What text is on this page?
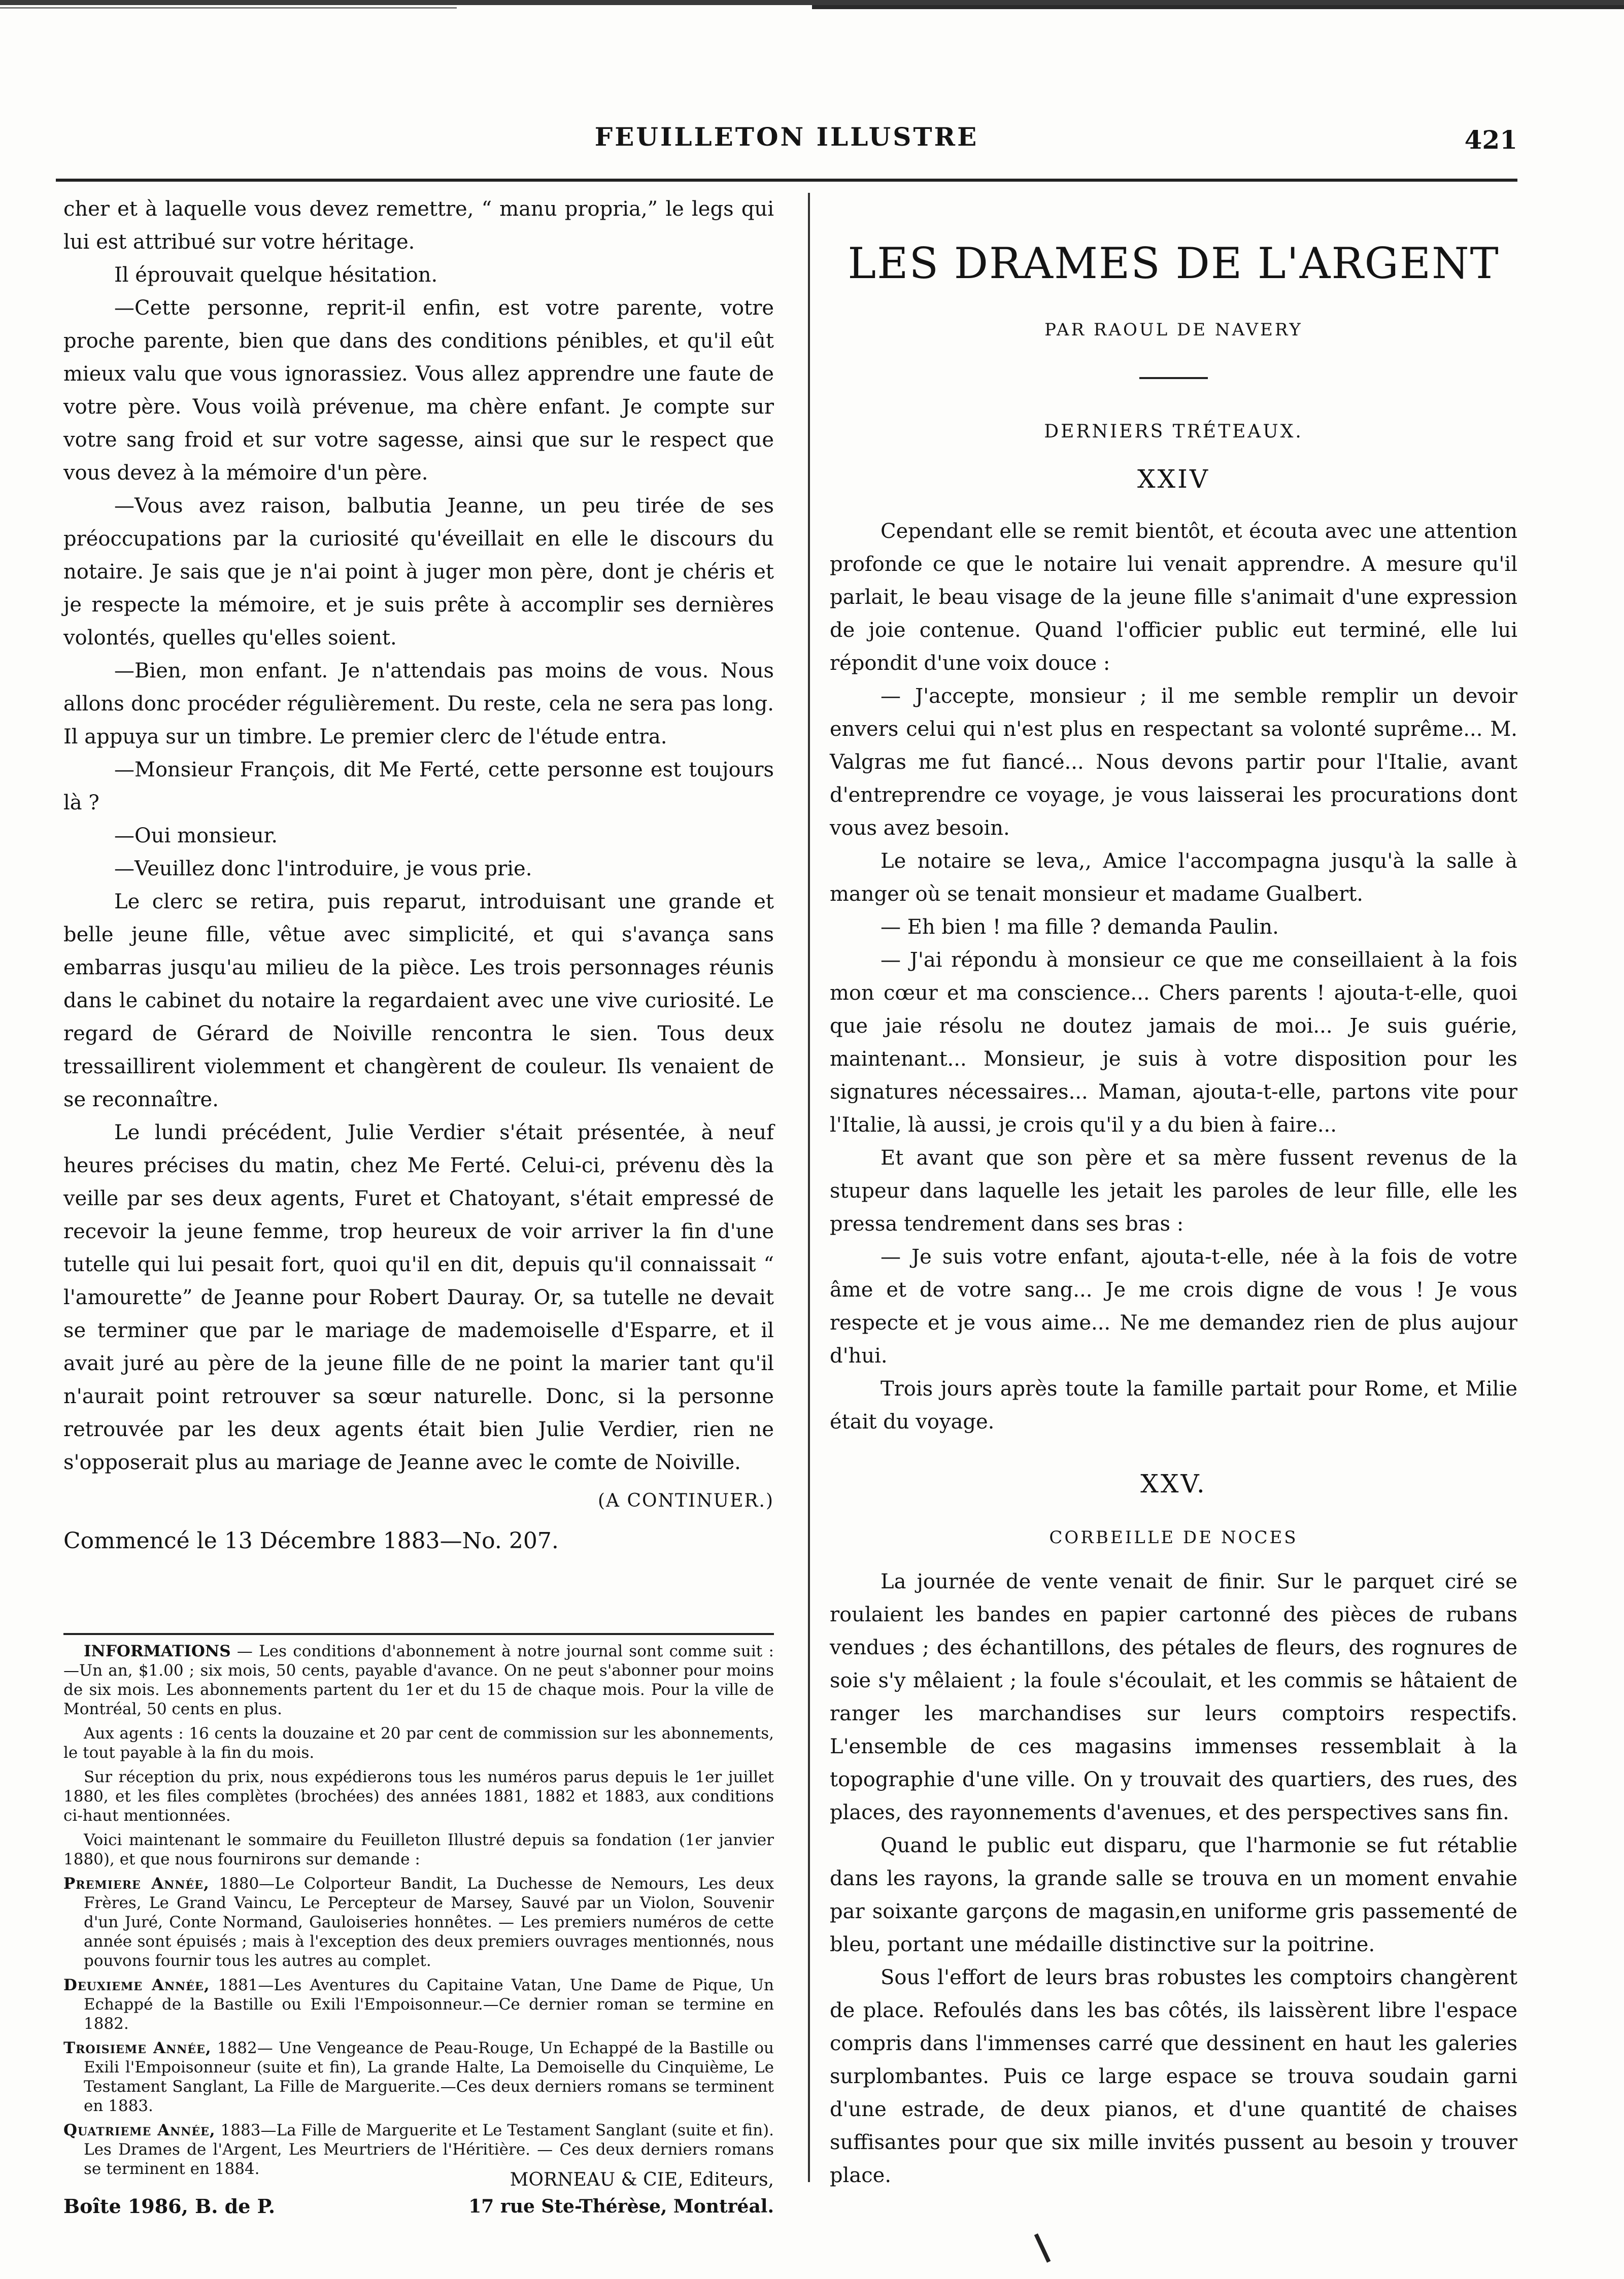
FEUILLETON ILLUSTRE	421

cher et à laquelle vous devez remettre, “ manu propria,” le legs qui lui est attribué sur votre héritage.

Il éprouvait quelque hésitation.

—Cette personne, reprit-il enfin, est votre parente, votre proche parente, bien que dans des conditions pénibles, et qu'il eût mieux valu que vous ignorassiez. Vous allez apprendre une faute de votre père. Vous voilà prévenue, ma chère enfant. Je compte sur votre sang froid et sur votre sagesse, ainsi que sur le respect que vous devez à la mémoire d'un père.

—Vous avez raison, balbutia Jeanne, un peu tirée de ses préoccupations par la curiosité qu'éveillait en elle le discours du notaire. Je sais que je n'ai point à juger mon père, dont je chéris et je respecte la mémoire, et je suis prête à accomplir ses dernières volontés, quelles qu'elles soient.

—Bien, mon enfant. Je n'attendais pas moins de vous. Nous allons donc procéder régulièrement. Du reste, cela ne sera pas long. Il appuya sur un timbre. Le premier clerc de l'étude entra.

—Monsieur François, dit Me Ferté, cette personne est toujours là ?

—Oui monsieur.

—Veuillez donc l'introduire, je vous prie.

Le clerc se retira, puis reparut, introduisant une grande et belle jeune fille, vêtue avec simplicité, et qui s'avança sans embarras jusqu'au milieu de la pièce. Les trois personnages réunis dans le cabinet du notaire la regardaient avec une vive curiosité. Le regard de Gérard de Noiville rencontra le sien. Tous deux tressaillirent violemment et changèrent de couleur. Ils venaient de se reconnaître.

Le lundi précédent, Julie Verdier s'était présentée, à neuf heures précises du matin, chez Me Ferté. Celui-ci, prévenu dès la veille par ses deux agents, Furet et Chatoyant, s'était empressé de recevoir la jeune femme, trop heureux de voir arriver la fin d'une tutelle qui lui pesait fort, quoi qu'il en dit, depuis qu'il connaissait “ l'amourette” de Jeanne pour Robert Dauray. Or, sa tutelle ne devait se terminer que par le mariage de mademoiselle d'Esparre, et il avait juré au père de la jeune fille de ne point la marier tant qu'il n'aurait point retrouver sa sœur naturelle. Donc, si la personne retrouvée par les deux agents était bien Julie Verdier, rien ne s'opposerait plus au mariage de Jeanne avec le comte de Noiville.

(A CONTINUER.)

Commencé le 13 Décembre 1883—No. 207.

INFORMATIONS — Les conditions d'abonnement à notre journal sont comme suit :—Un an, $1.00 ; six mois, 50 cents, payable d'avance. On ne peut s'abonner pour moins de six mois. Les abonnements partent du 1er et du 15 de chaque mois. Pour la ville de Montréal, 50 cents en plus.

Aux agents : 16 cents la douzaine et 20 par cent de commission sur les abonnements, le tout payable à la fin du mois.

Sur réception du prix, nous expédierons tous les numéros parus depuis le 1er juillet 1880, et les files complètes (brochées) des années 1881, 1882 et 1883, aux conditions ci-haut mentionnées.

Voici maintenant le sommaire du Feuilleton Illustré depuis sa fondation (1er janvier 1880), et que nous fournirons sur demande :

Premiere Année, 1880—Le Colporteur Bandit, La Duchesse de Nemours, Les deux Frères, Le Grand Vaincu, Le Percepteur de Marsey, Sauvé par un Violon, Souvenir d'un Juré, Conte Normand, Gauloiseries honnêtes. — Les premiers numéros de cette année sont épuisés ; mais à l'exception des deux premiers ouvrages mentionnés, nous pouvons fournir tous les autres au complet.

Deuxieme Année, 1881—Les Aventures du Capitaine Vatan, Une Dame de Pique, Un Echappé de la Bastille ou Exili l'Empoisonneur.—Ce dernier roman se termine en 1882.

Troisieme Année, 1882— Une Vengeance de Peau-Rouge, Un Echappé de la Bastille ou Exili l'Empoisonneur (suite et fin), La grande Halte, La Demoiselle du Cinquième, Le Testament Sanglant, La Fille de Marguerite.—Ces deux derniers romans se terminent en 1883.

Quatrieme Année, 1883—La Fille de Marguerite et Le Testament Sanglant (suite et fin). Les Drames de l'Argent, Les Meurtriers de l'Héritière. — Ces deux derniers romans se terminent en 1884.

Boîte 1986, B. de P.
MORNEAU & CIE, Editeurs,
17 rue Ste-Thérèse, Montréal.
LES DRAMES DE L'ARGENT
PAR RAOUL DE NAVERY
DERNIERS TRÉTEAUX.
XXIV

Cependant elle se remit bientôt, et écouta avec une attention profonde ce que le notaire lui venait apprendre. A mesure qu'il parlait, le beau visage de la jeune fille s'animait d'une expression de joie contenue. Quand l'officier public eut terminé, elle lui répondit d'une voix douce :

— J'accepte, monsieur ; il me semble remplir un devoir envers celui qui n'est plus en respectant sa volonté suprême... M. Valgras me fut fiancé... Nous devons partir pour l'Italie, avant d'entreprendre ce voyage, je vous laisserai les procurations dont vous avez besoin.

Le notaire se leva,, Amice l'accompagna jusqu'à la salle à manger où se tenait monsieur et madame Gualbert.

— Eh bien ! ma fille ? demanda Paulin.

— J'ai répondu à monsieur ce que me conseillaient à la fois mon cœur et ma conscience... Chers parents ! ajouta-t-elle, quoi que jaie résolu ne doutez jamais de moi... Je suis guérie, maintenant... Monsieur, je suis à votre disposition pour les signatures nécessaires... Maman, ajouta-t-elle, partons vite pour l'Italie, là aussi, je crois qu'il y a du bien à faire...

Et avant que son père et sa mère fussent revenus de la stupeur dans laquelle les jetait les paroles de leur fille, elle les pressa tendrement dans ses bras :

— Je suis votre enfant, ajouta-t-elle, née à la fois de votre âme et de votre sang... Je me crois digne de vous ! Je vous respecte et je vous aime... Ne me demandez rien de plus aujour d'hui.

Trois jours après toute la famille partait pour Rome, et Milie était du voyage.

XXV.
CORBEILLE DE NOCES

La journée de vente venait de finir. Sur le parquet ciré se roulaient les bandes en papier cartonné des pièces de rubans vendues ; des échantillons, des pétales de fleurs, des rognures de soie s'y mêlaient ; la foule s'écoulait, et les commis se hâtaient de ranger les marchandises sur leurs comptoirs respectifs. L'ensemble de ces magasins immenses ressemblait à la topographie d'une ville. On y trouvait des quartiers, des rues, des places, des rayonnements d'avenues, et des perspectives sans fin.

Quand le public eut disparu, que l'harmonie se fut rétablie dans les rayons, la grande salle se trouva en un moment envahie par soixante garçons de magasin,en uniforme gris passementé de bleu, portant une médaille distinctive sur la poitrine.

Sous l'effort de leurs bras robustes les comptoirs changèrent de place. Refoulés dans les bas côtés, ils laissèrent libre l'espace compris dans l'immenses carré que dessinent en haut les galeries surplombantes. Puis ce large espace se trouva soudain garni d'une estrade, de deux pianos, et d'une quantité de chaises suffisantes pour que six mille invités pussent au besoin y trouver place.
